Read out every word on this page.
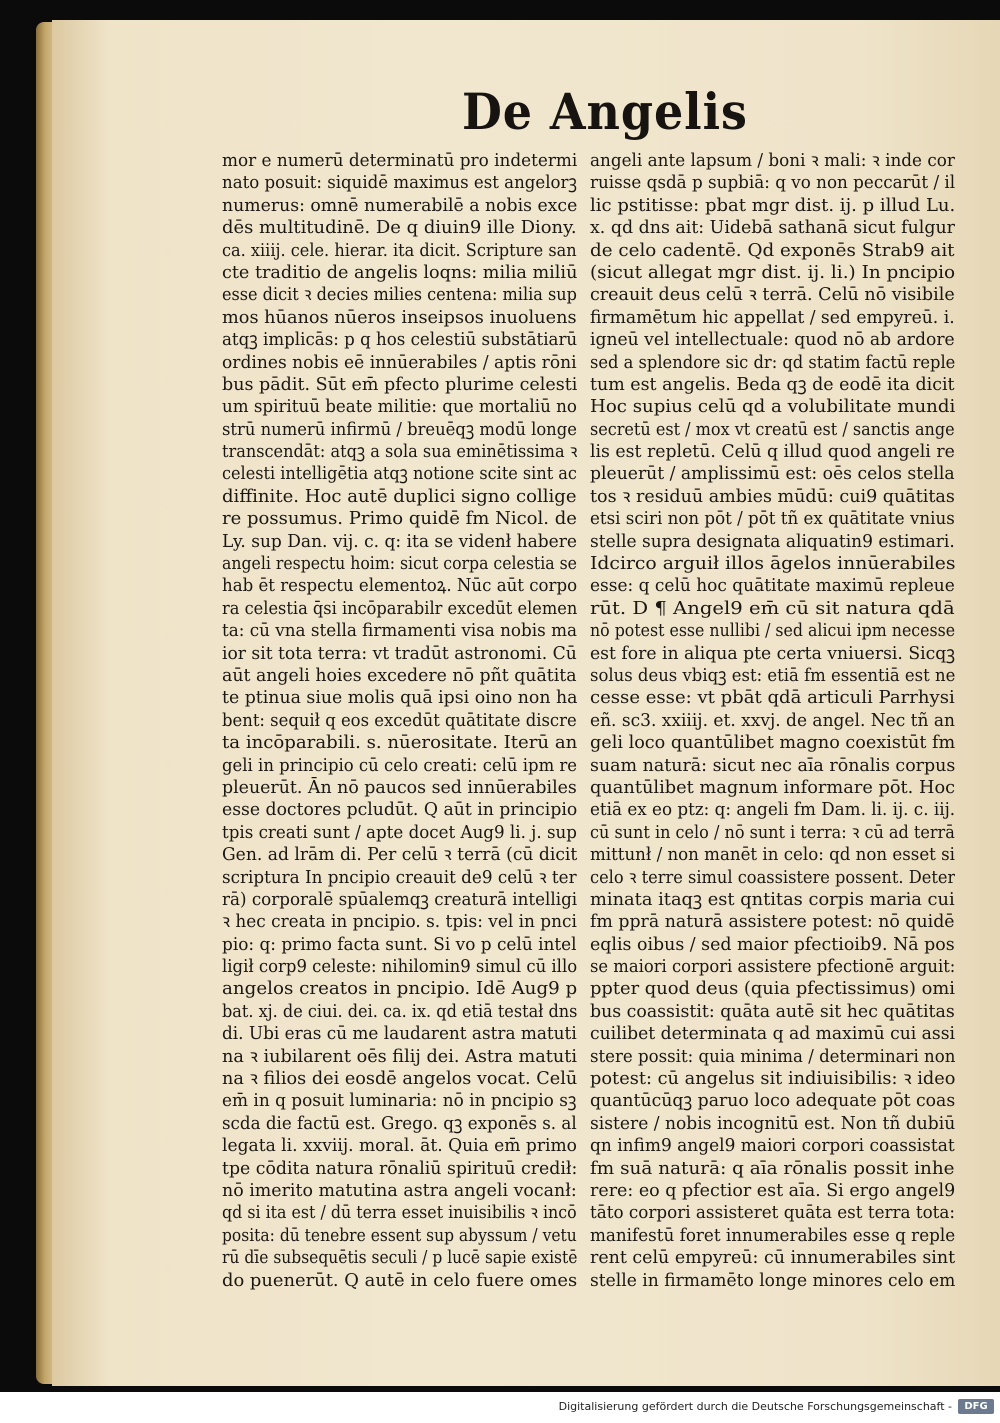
De Angelis
mor e numerū determinatū pro indetermi
nato posuit: siquidē maximus est angelorꝫ
numerus: omnē numerabilē a nobis exce
dēs multitudinē. De q diuin9 ille Diony.
ca. xiiij. cele. hierar. ita dicit. Scripture san
cte traditio de angelis loqns: milia miliū
esse dicit ꝛ decies milies centena: milia sup
mos hūanos nūeros inseipsos inuoluens
atqꝫ implicās: p q hos celestiū substātiarū
ordines nobis eē innūerabiles / aptis rōni
bus pādit. Sūt em̄ pfecto plurime celesti
um spirituū beate militie: que mortaliū no
strū numerū infirmū / breuēqꝫ modū longe
transcendāt: atqꝫ a sola sua eminētissima ꝛ
celesti intelligētia atqꝫ notione scite sint ac
diffinite. Hoc autē duplici signo collige
re possumus. Primo quidē fm Nicol. de
Ly. sup Dan. vij. c. q: ita se videnł habere
angeli respectu hoim: sicut corpa celestia se
hab ēt respectu elementoꝝ. Nūc aūt corpo
ra celestia q̄si incōparabilr excedūt elemen
ta: cū vna stella firmamenti visa nobis ma
ior sit tota terra: vt tradūt astronomi. Cū
aūt angeli hoies excedere nō pñt quātita
te ptinua siue molis quā ipsi oino non ha
bent: sequił q eos excedūt quātitate discre
ta incōparabili. s. nūerositate. Iterū an
geli in principio cū celo creati: celū ipm re
pleuerūt. Ān nō paucos sed innūerabiles
esse doctores pcludūt. Q aūt in principio
tpis creati sunt / apte docet Aug9 li. j. sup
Gen. ad lrām di. Per celū ꝛ terrā (cū dicit
scriptura In pncipio creauit de9 celū ꝛ ter
rā) corporalē spūalemqꝫ creaturā intelligi
ꝛ hec creata in pncipio. s. tpis: vel in pnci
pio: q: primo facta sunt. Si vo p celū intel
ligił corp9 celeste: nihilomin9 simul cū illo
angelos creatos in pncipio. Idē Aug9 p
bat. xj. de ciui. dei. ca. ix. qd etiā testał dns
di. Ubi eras cū me laudarent astra matuti
na ꝛ iubilarent oēs filij dei. Astra matuti
na ꝛ filios dei eosdē angelos vocat. Celū
em̄ in q posuit luminaria: nō in pncipio sꝫ
scda die factū est. Grego. qꝫ exponēs s. al
legata li. xxviij. moral. āt. Quia em̄ primo
tpe cōdita natura rōnaliū spirituū credił:
nō imerito matutina astra angeli vocanł:
qd si ita est / dū terra esset inuisibilis ꝛ incō
posita: dū tenebre essent sup abyssum / vetu
rū dīe subsequētis seculi / p lucē sapie existē
do puenerūt. Q autē in celo fuere omes
angeli ante lapsum / boni ꝛ mali: ꝛ inde cor
ruisse qsdā p supbiā: q vo non peccarūt / il
lic pstitisse: pbat mgr dist. ij. p illud Lu.
x. qd dns ait: Uidebā sathanā sicut fulgur
de celo cadentē. Qd exponēs Strab9 ait
(sicut allegat mgr dist. ij. li.) In pncipio
creauit deus celū ꝛ terrā. Celū nō visibile
firmamētum hic appellat / sed empyreū. i.
igneū vel intellectuale: quod nō ab ardore
sed a splendore sic dr: qd statim factū reple
tum est angelis. Beda qꝫ de eodē ita dicit
Hoc supius celū qd a volubilitate mundi
secretū est / mox vt creatū est / sanctis ange
lis est repletū. Celū q illud quod angeli re
pleuerūt / amplissimū est: oēs celos stella
tos ꝛ residuū ambies mūdū: cui9 quātitas
etsi sciri non pōt / pōt tñ ex quātitate vnius
stelle supra designata aliquatin9 estimari.
Idcirco arguił illos āgelos innūerabiles
esse: q celū hoc quātitate maximū repleue
rūt. D ¶ Angel9 em̄ cū sit natura qdā
nō potest esse nullibi / sed alicui ipm necesse
est fore in aliqua pte certa vniuersi. Sicqꝫ
solus deus vbiqꝫ est: etiā fm essentiā est ne
cesse esse: vt pbāt qdā articuli Parrhysi
eñ. sc3. xxiiij. et. xxvj. de angel. Nec tñ an
geli loco quantūlibet magno coexistūt fm
suam naturā: sicut nec aīa rōnalis corpus
quantūlibet magnum informare pōt. Hoc
etiā ex eo ptz: q: angeli fm Dam. li. ij. c. iij.
cū sunt in celo / nō sunt i terra: ꝛ cū ad terrā
mittunł / non manēt in celo: qd non esset si
celo ꝛ terre simul coassistere possent. Deter
minata itaqꝫ est qntitas corpis maria cui
fm pprā naturā assistere potest: nō quidē
eqlis oibus / sed maior pfectioib9. Nā pos
se maiori corpori assistere pfectionē arguit:
ppter quod deus (quia pfectissimus) omi
bus coassistit: quāta autē sit hec quātitas
cuilibet determinata q ad maximū cui assi
stere possit: quia minima / determinari non
potest: cū angelus sit indiuisibilis: ꝛ ideo
quantūcūqꝫ paruo loco adequate pōt coas
sistere / nobis incognitū est. Non tñ dubiū
qn infim9 angel9 maiori corpori coassistat
fm suā naturā: q aīa rōnalis possit inhe
rere: eo q pfectior est aīa. Si ergo angel9
tāto corpori assisteret quāta est terra tota:
manifestū foret innumerabiles esse q reple
rent celū empyreū: cū innumerabiles sint
stelle in firmamēto longe minores celo em
Digitalisierung gefördert durch die Deutsche Forschungsgemeinschaft -	DFG
